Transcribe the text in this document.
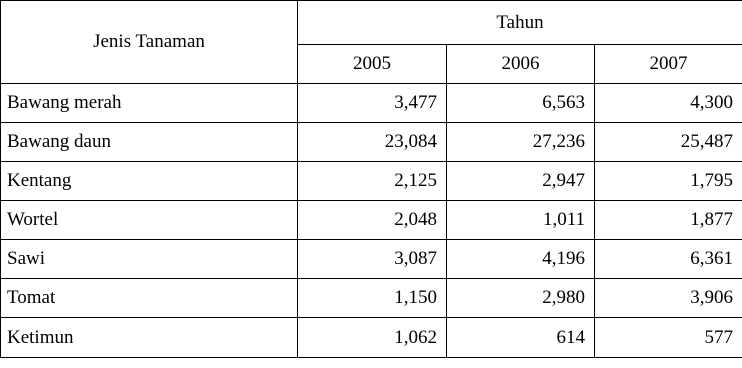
Jenis Tanaman	Tahun		
	2005	2006	2007
Bawang merah	3,477	6,563	4,300
Bawang daun	23,084	27,236	25,487
Kentang	2,125	2,947	1,795
Wortel	2,048	1,011	1,877
Sawi	3,087	4,196	6,361
Tomat	1,150	2,980	3,906
Ketimun	1,062	614	577
